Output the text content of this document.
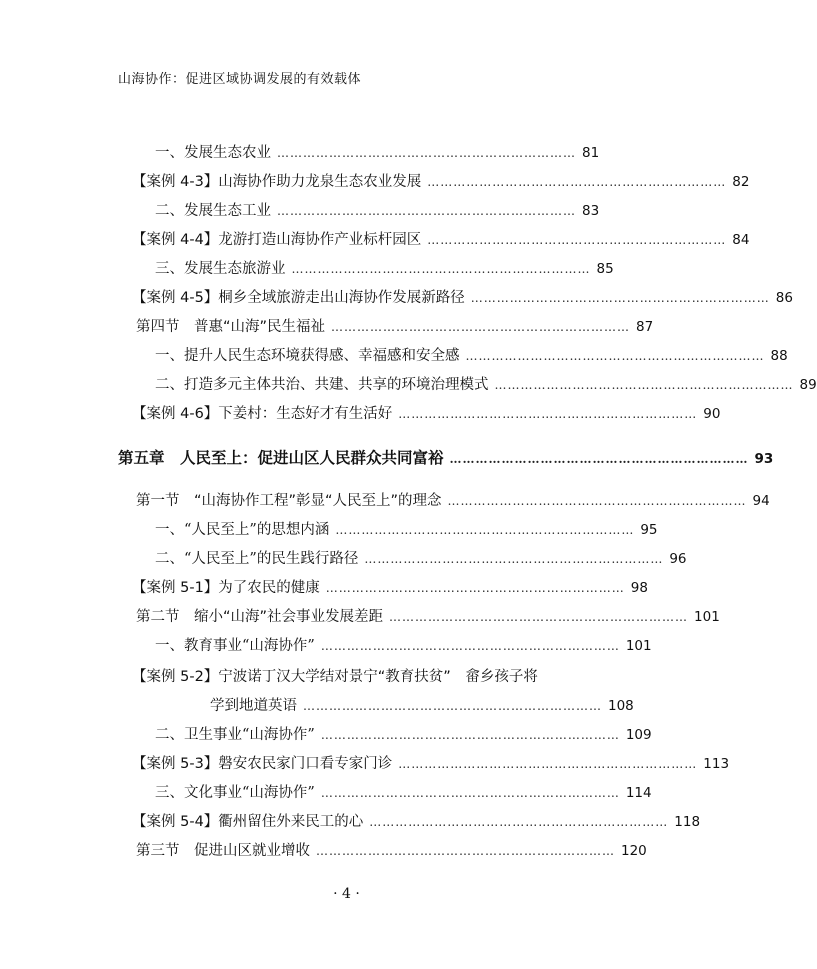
山海协作：促进区域协调发展的有效载体
一、发展生态农业 …………………………………………………………… 81
【案例 4-3】山海协作助力龙泉生态农业发展 …………………………………………………………… 82
二、发展生态工业 …………………………………………………………… 83
【案例 4-4】龙游打造山海协作产业标杆园区 …………………………………………………………… 84
三、发展生态旅游业 …………………………………………………………… 85
【案例 4-5】桐乡全域旅游走出山海协作发展新路径 …………………………………………………………… 86
第四节　普惠“山海”民生福祉 …………………………………………………………… 87
一、提升人民生态环境获得感、幸福感和安全感 …………………………………………………………… 88
二、打造多元主体共治、共建、共享的环境治理模式 …………………………………………………………… 89
【案例 4-6】下姜村：生态好才有生活好 …………………………………………………………… 90
第五章　人民至上：促进山区人民群众共同富裕 …………………………………………………………… 93
第一节　“山海协作工程”彰显“人民至上”的理念 …………………………………………………………… 94
一、“人民至上”的思想内涵 …………………………………………………………… 95
二、“人民至上”的民生践行路径 …………………………………………………………… 96
【案例 5-1】为了农民的健康 …………………………………………………………… 98
第二节　缩小“山海”社会事业发展差距 …………………………………………………………… 101
一、教育事业“山海协作” …………………………………………………………… 101
【案例 5-2】宁波诺丁汉大学结对景宁“教育扶贫”　畲乡孩子将
学到地道英语 …………………………………………………………… 108
二、卫生事业“山海协作” …………………………………………………………… 109
【案例 5-3】磐安农民家门口看专家门诊 …………………………………………………………… 113
三、文化事业“山海协作” …………………………………………………………… 114
【案例 5-4】衢州留住外来民工的心 …………………………………………………………… 118
第三节　促进山区就业增收 …………………………………………………………… 120
· 4 ·
